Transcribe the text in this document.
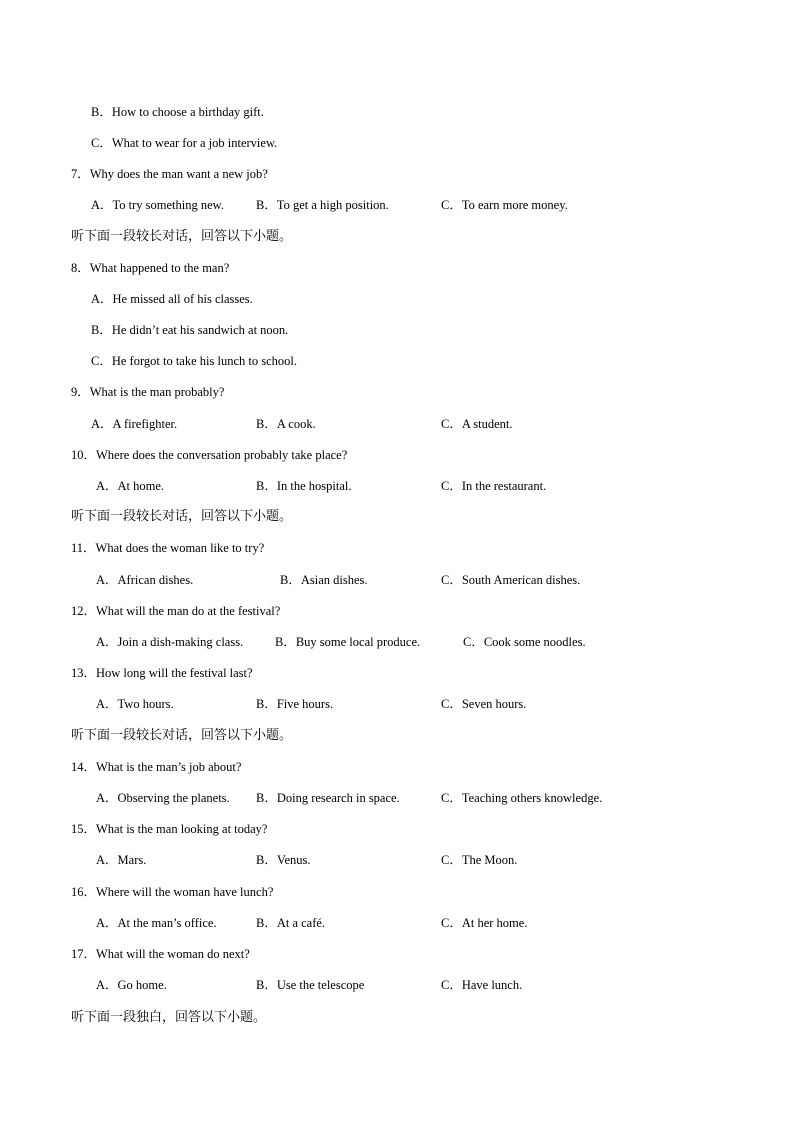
B．How to choose a birthday gift.
C．What to wear for a job interview.
7．Why does the man want a new job?
A．To try something new.	B．To get a high position.	C．To earn more money.
听下面一段较长对话，回答以下小题。
8．What happened to the man?
A．He missed all of his classes.
B．He didn’t eat his sandwich at noon.
C．He forgot to take his lunch to school.
9．What is the man probably?
A．A firefighter.	B．A cook.	C．A student.
10．Where does the conversation probably take place?
A．At home.	B．In the hospital.	C．In the restaurant.
听下面一段较长对话，回答以下小题。
11．What does the woman like to try?
A．African dishes.	B．Asian dishes.	C．South American dishes.
12．What will the man do at the festival?
A．Join a dish-making class.	B．Buy some local produce.	C．Cook some noodles.
13．How long will the festival last?
A．Two hours.	B．Five hours.	C．Seven hours.
听下面一段较长对话，回答以下小题。
14．What is the man’s job about?
A．Observing the planets. B．Doing research in space.	C．Teaching others knowledge.
15．What is the man looking at today?
A．Mars.	B．Venus.	C．The Moon.
16．Where will the woman have lunch?
A．At the man’s office.	B．At a café.	C．At her home.
17．What will the woman do next?
A．Go home.	B．Use the telescope	C．Have lunch.
听下面一段独白，回答以下小题。
